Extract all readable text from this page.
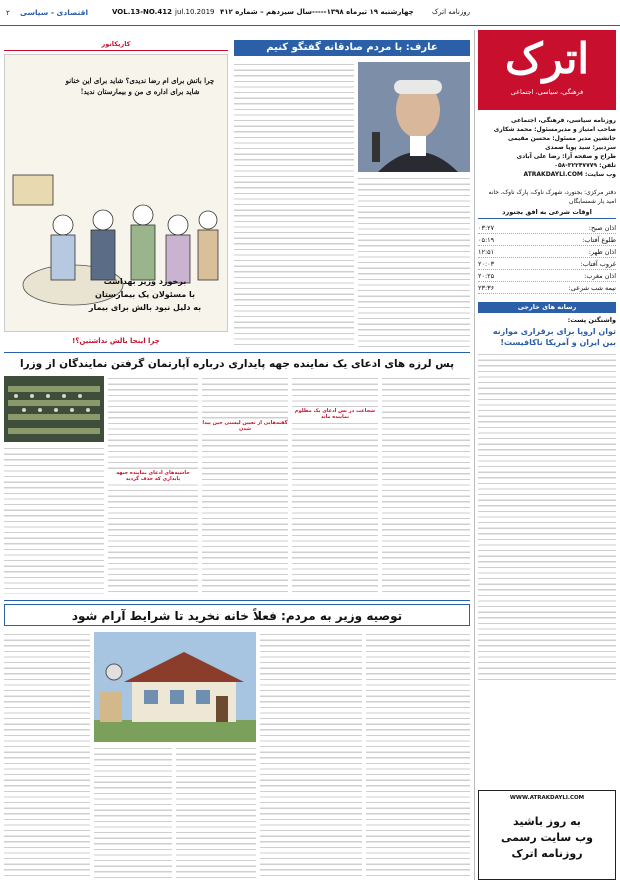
۲ اقتصادی - سیاسی	VOL.13-NO.412 jul.10.2019 چهارشنبه ۱۹ تیرماه ۱۳۹۸-----سال سیزدهم – شماره ۴۱۲	روزنامه اترک
اترک
فرهنگی، سیاسی، اجتماعی
روزنامه سیاسی، فرهنگی، اجتماعی
صاحب امتیاز و مدیرمسئول: محمد شکاری
جانشین مدیر مسئول: محسن مقیمی
سردبیر: سید پویا صمدی
طراح و صفحه آرا: رضا علی آبادی
تلفن: ۳۲۲۴۷۷۷۹-۰۵۸
وب سایت: ATRAKDAYLI.COM
دفتر مرکزی: بجنورد، شهرک ناوک، پارک ناوک، خانه امید یار شمسایگان
اوقات شرعی به افق بجنورد
اذان صبح:
۰۳:۲۷
طلوع آفتاب:
۰۵:۱۹
اذان ظهر:
۱۲:۵۱
غروب آفتاب:
۲۰:۰۳
اذان مغرب:
۲۰:۲۵
نیمه شب شرعی:
۲۳:۳۶
رسانه های خارجی
واشنگتن پست:
توان اروپا برای برقراری موازنه بین ایران و آمریکا ناکافیست!
WWW.ATRAKDAYLI.COM
به روز باشید
وب سایت رسمی
روزنامه اترک
کاریکاتور
چرا باتش برای ام رضا ندیدی؟ شاید برای این خنانو شاید برای اداره ی من و بیمارستان ندید!
برخورد وزیر بهداشت
با مسئولان یک بیمارستان
به دلیل نبود بالش برای بیمار
چرا اینجا بالش نداشتین؟!
عارف: با مردم صادقانه گفتگو کنیم
پس لرزه های ادعای یک نماینده جهه پایداری درباره آپارتمان گرفتن نمایندگان از وزرا
حاشیه‌های ادعای نماینده جبهه پایداری که حذف گردید
گفته‌هایی از تعیین لیستی حین پیدا شدن
شجاعت در پس ادعای یک مظلوم نماینده ماند
توصیه وزیر به مردم: فعلاً خانه نخرید تا شرایط آرام شود
